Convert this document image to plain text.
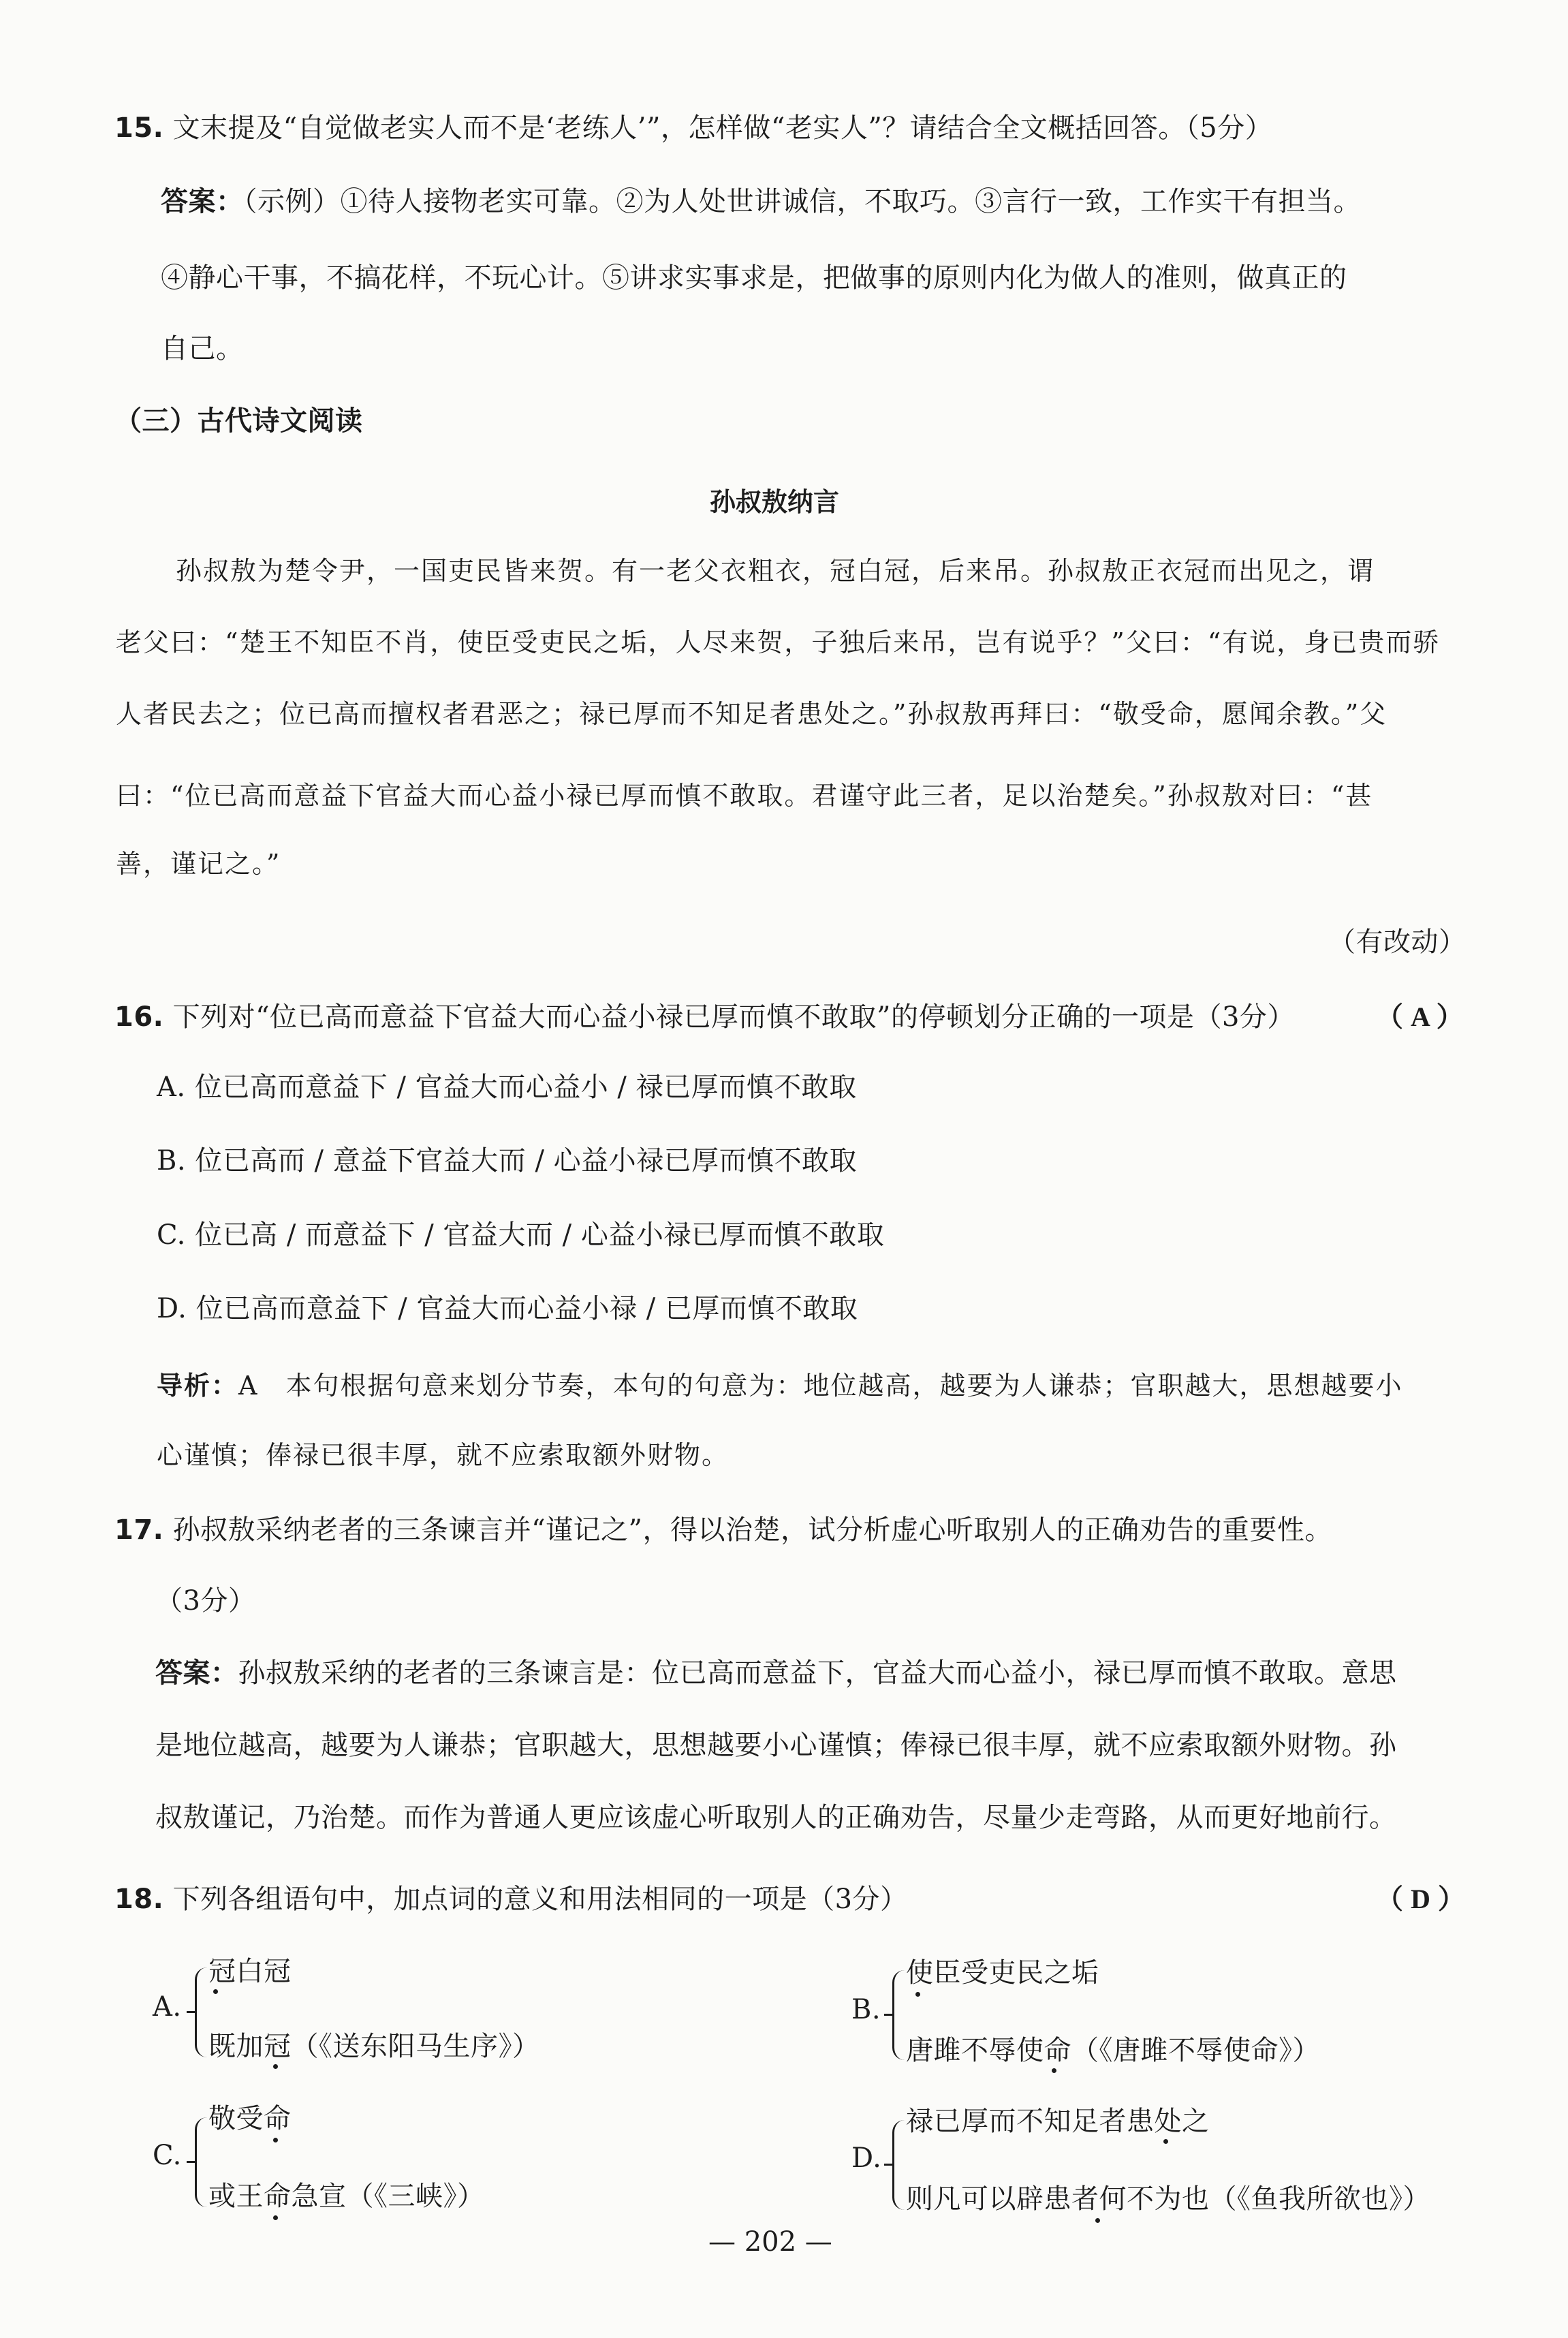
15. 文末提及“自觉做老实人而不是‘老练人’”，怎样做“老实人”？请结合全文概括回答。（5分）
答案：（示例）①待人接物老实可靠。②为人处世讲诚信，不取巧。③言行一致，工作实干有担当。
④静心干事，不搞花样，不玩心计。⑤讲求实事求是，把做事的原则内化为做人的准则，做真正的
自己。
（三）古代诗文阅读
孙叔敖纳言
孙叔敖为楚令尹，一国吏民皆来贺。有一老父衣粗衣，冠白冠，后来吊。孙叔敖正衣冠而出见之，谓
老父曰：“楚王不知臣不肖，使臣受吏民之垢，人尽来贺，子独后来吊，岂有说乎？”父曰：“有说，身已贵而骄
人者民去之；位已高而擅权者君恶之；禄已厚而不知足者患处之。”孙叔敖再拜曰：“敬受命，愿闻余教。”父
曰：“位已高而意益下官益大而心益小禄已厚而慎不敢取。君谨守此三者，足以治楚矣。”孙叔敖对曰：“甚
善，谨记之。”
（有改动）
16. 下列对“位已高而意益下官益大而心益小禄已厚而慎不敢取”的停顿划分正确的一项是（3分）	（ A ）
A. 位已高而意益下 / 官益大而心益小 / 禄已厚而慎不敢取
B. 位已高而 / 意益下官益大而 / 心益小禄已厚而慎不敢取
C. 位已高 / 而意益下 / 官益大而 / 心益小禄已厚而慎不敢取
D. 位已高而意益下 / 官益大而心益小禄 / 已厚而慎不敢取
导析：A　本句根据句意来划分节奏，本句的句意为：地位越高，越要为人谦恭；官职越大，思想越要小
心谨慎；俸禄已很丰厚，就不应索取额外财物。
17. 孙叔敖采纳老者的三条谏言并“谨记之”，得以治楚，试分析虚心听取别人的正确劝告的重要性。
（3分）
答案：孙叔敖采纳的老者的三条谏言是：位已高而意益下，官益大而心益小，禄已厚而慎不敢取。意思
是地位越高，越要为人谦恭；官职越大，思想越要小心谨慎；俸禄已很丰厚，就不应索取额外财物。孙
叔敖谨记，乃治楚。而作为普通人更应该虚心听取别人的正确劝告，尽量少走弯路，从而更好地前行。
18. 下列各组语句中，加点词的意义和用法相同的一项是（3分）	（ D ）
A.
冠白冠
既加冠（《送东阳马生序》）
B.
使臣受吏民之垢
唐雎不辱使命（《唐雎不辱使命》）
C.
敬受命
或王命急宣（《三峡》）
D.
禄已厚而不知足者患处之
则凡可以辟患者何不为也（《鱼我所欲也》）
— 202 —
